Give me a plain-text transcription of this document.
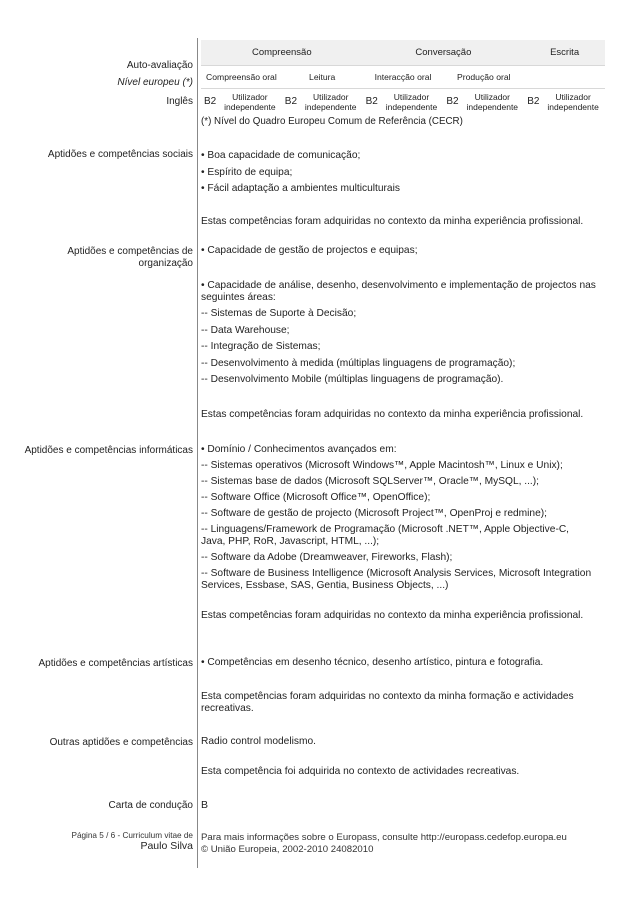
Auto-avaliação
Nível europeu (*)
Inglês
Compreensão				Conversação				Escrita	
Compreensão oral		Leitura		Interacção oral		Produção oral			
B2	Utilizador independente	B2	Utilizador independente	B2	Utilizador independente	B2	Utilizador independente	B2	Utilizador independente
(*) Nível do Quadro Europeu Comum de Referência (CECR)
Aptidões e competências sociais • Boa capacidade de comunicação;
• Espírito de equipa;
• Fácil adaptação a ambientes multiculturais
Estas competências foram adquiridas no contexto da minha experiência profissional.
Aptidões e competências de
organização
• Capacidade de gestão de projectos e equipas;
• Capacidade de análise, desenho, desenvolvimento e implementação de projectos nas seguintes áreas:
-- Sistemas de Suporte à Decisão;
-- Data Warehouse;
-- Integração de Sistemas;
-- Desenvolvimento à medida (múltiplas linguagens de programação);
-- Desenvolvimento Mobile (múltiplas linguagens de programação).
Estas competências foram adquiridas no contexto da minha experiência profissional.
Aptidões e competências informáticas • Domínio / Conhecimentos avançados em:
-- Sistemas operativos (Microsoft Windows™, Apple Macintosh™, Linux e Unix);
-- Sistemas base de dados (Microsoft SQLServer™, Oracle™, MySQL, ...);
-- Software Office (Microsoft Office™, OpenOffice);
-- Software de gestão de projecto (Microsoft Project™, OpenProj e redmine);
-- Linguagens/Framework de Programação (Microsoft .NET™, Apple Objective-C, Java, PHP, RoR, Javascript, HTML, ...);
-- Software da Adobe (Dreamweaver, Fireworks, Flash);
-- Software de Business Intelligence (Microsoft Analysis Services, Microsoft Integration Services, Essbase, SAS, Gentia, Business Objects, ...)
Estas competências foram adquiridas no contexto da minha experiência profissional.
Aptidões e competências artísticas • Competências em desenho técnico, desenho artístico, pintura e fotografia.
Esta competências foram adquiridas no contexto da minha formação e actividades recreativas.
Outras aptidões e competências Radio control modelismo.
Esta competência foi adquirida no contexto de actividades recreativas.
Carta de condução B
Página 5 / 6 - Curriculum vitae de
Paulo Silva
Para mais informações sobre o Europass, consulte http://europass.cedefop.europa.eu
© União Europeia, 2002-2010 24082010
